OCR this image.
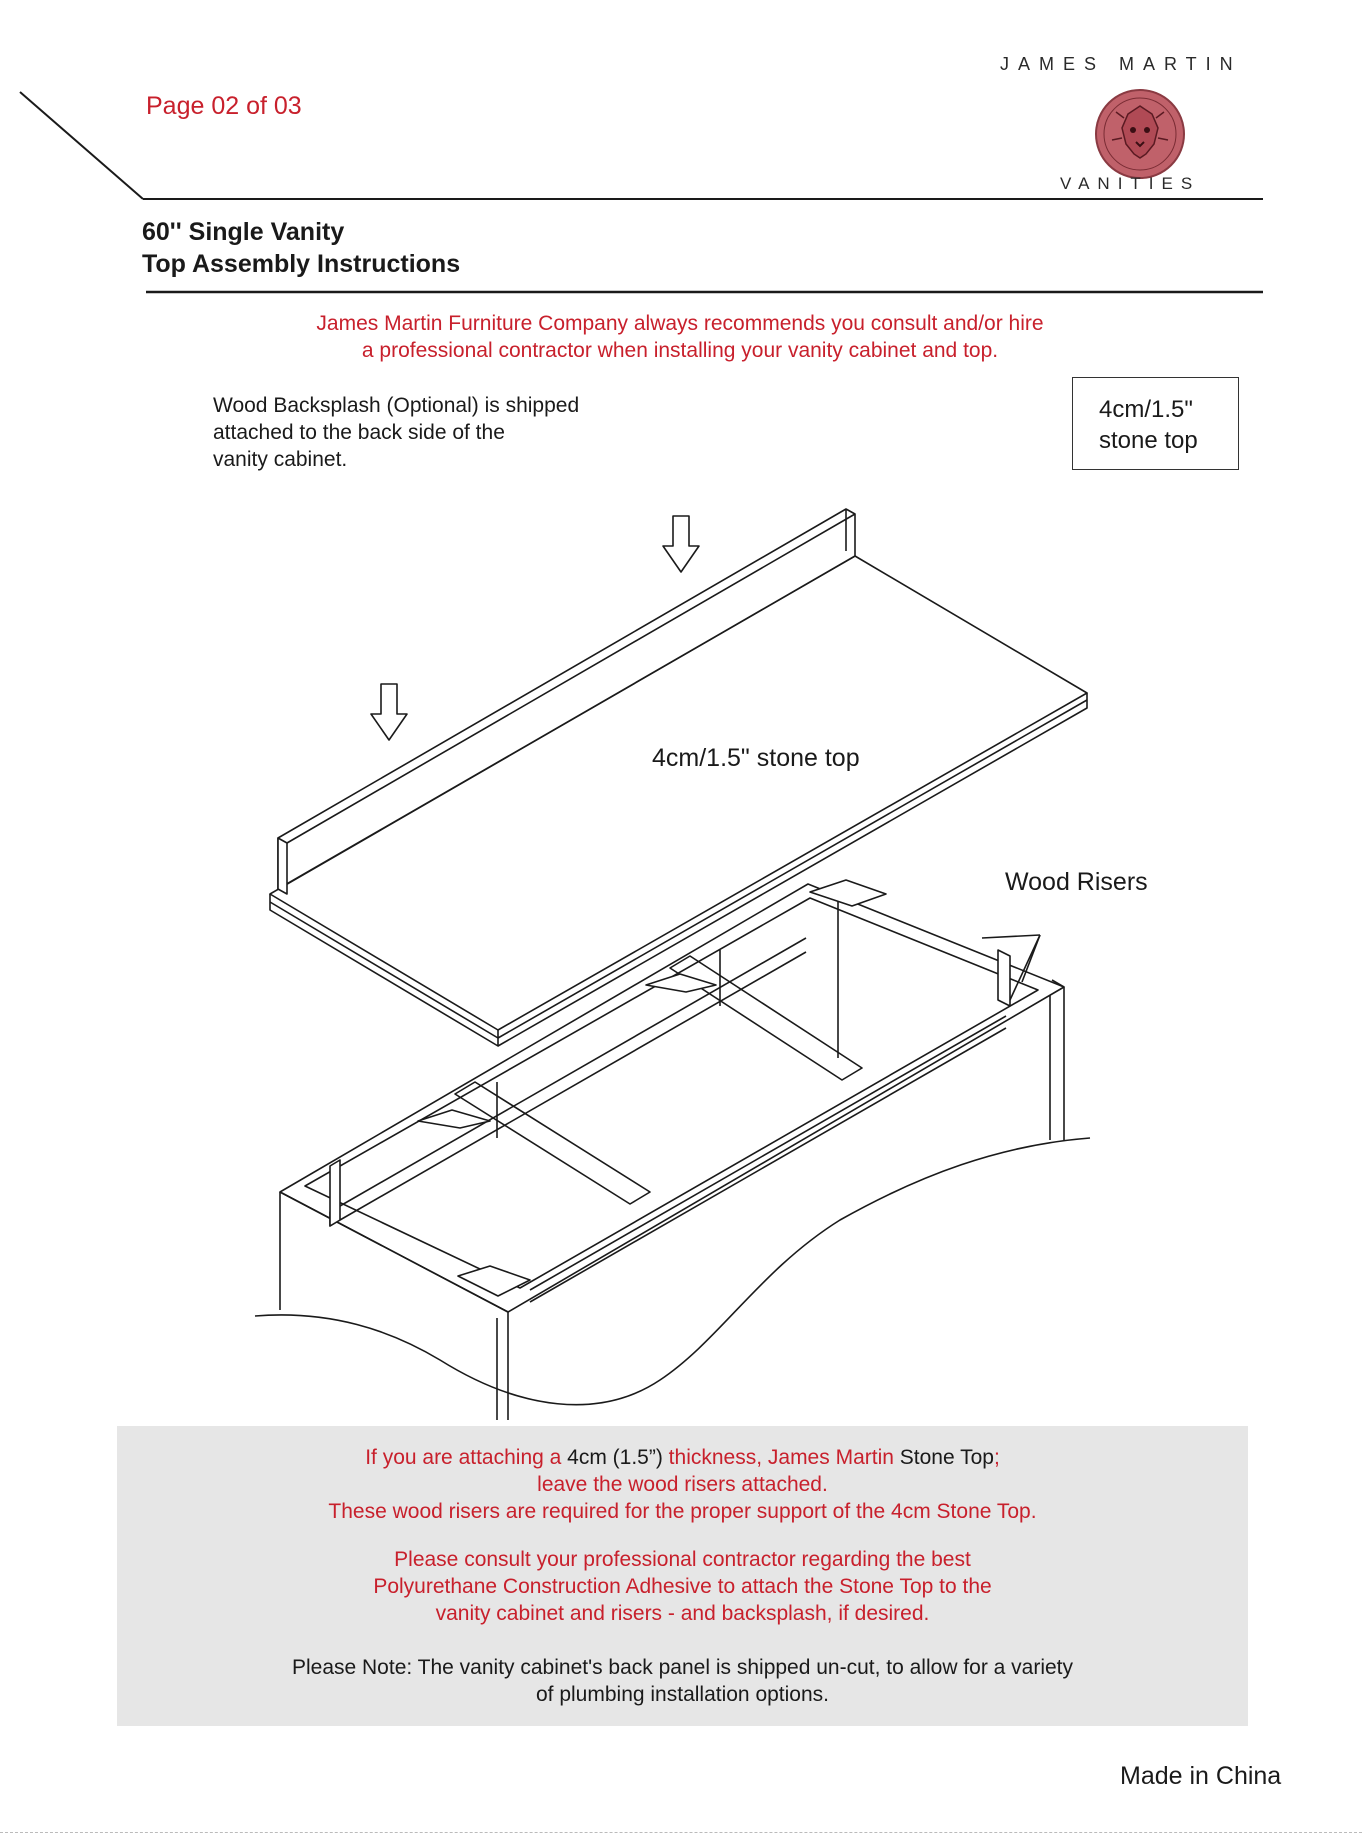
Page 02 of 03
JAMES MARTIN
VANITIES
60'' Single Vanity
Top Assembly Instructions
James Martin Furniture Company always recommends you consult and/or hire
a professional contractor when installing your vanity cabinet and top.
Wood Backsplash (Optional) is shipped
attached to the back side of the
vanity cabinet.
4cm/1.5"
stone top
4cm/1.5" stone top
Wood Risers
If you are attaching a 4cm (1.5”) thickness, James Martin Stone Top;
leave the wood risers attached.
These wood risers are required for the proper support of the 4cm Stone Top.
Please consult your professional contractor regarding the best
Polyurethane Construction Adhesive to attach the Stone Top to the
vanity cabinet and risers - and backsplash, if desired.
Please Note: The vanity cabinet's back panel is shipped un-cut, to allow for a variety
of plumbing installation options.
Made in China
